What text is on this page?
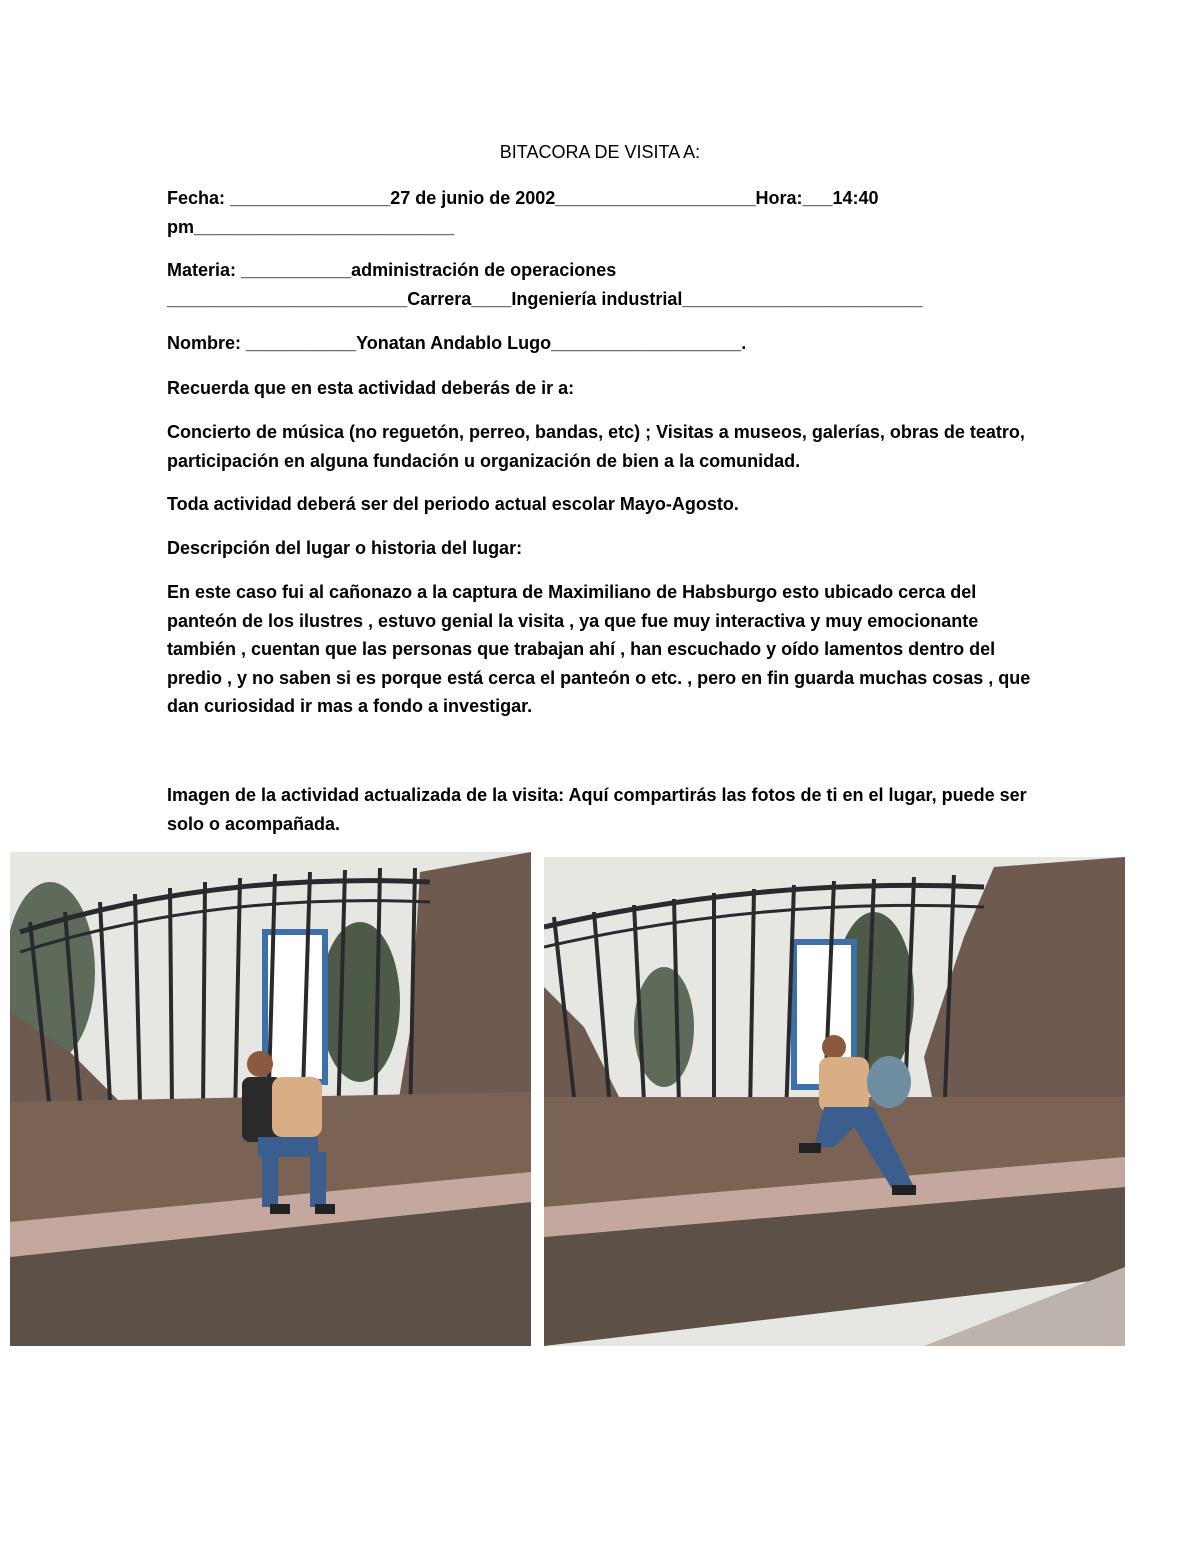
BITACORA DE VISITA A:
Fecha: ________________27 de junio de 2002____________________Hora:___14:40
pm__________________________
Materia: ___________administración de operaciones
________________________Carrera____Ingeniería industrial________________________
Nombre: ___________Yonatan Andablo Lugo___________________.
Recuerda que en esta actividad deberás de ir a:
Concierto de música (no reguetón, perreo, bandas, etc) ; Visitas a museos, galerías, obras de teatro, participación en alguna fundación u organización de bien a la comunidad.
Toda actividad deberá ser del periodo actual escolar Mayo-Agosto.
Descripción del lugar o historia del lugar:
En este caso fui al cañonazo a la captura de Maximiliano de Habsburgo esto ubicado cerca del panteón de los ilustres , estuvo genial la visita , ya que fue muy interactiva y muy emocionante también , cuentan que las personas que trabajan ahí , han escuchado y oído lamentos dentro del predio , y no saben si es porque está cerca el panteón o etc. , pero en fin guarda muchas cosas , que dan curiosidad ir mas a fondo a investigar.
Imagen de la actividad actualizada de la visita: Aquí compartirás las fotos de ti en el lugar, puede ser solo o acompañada.
